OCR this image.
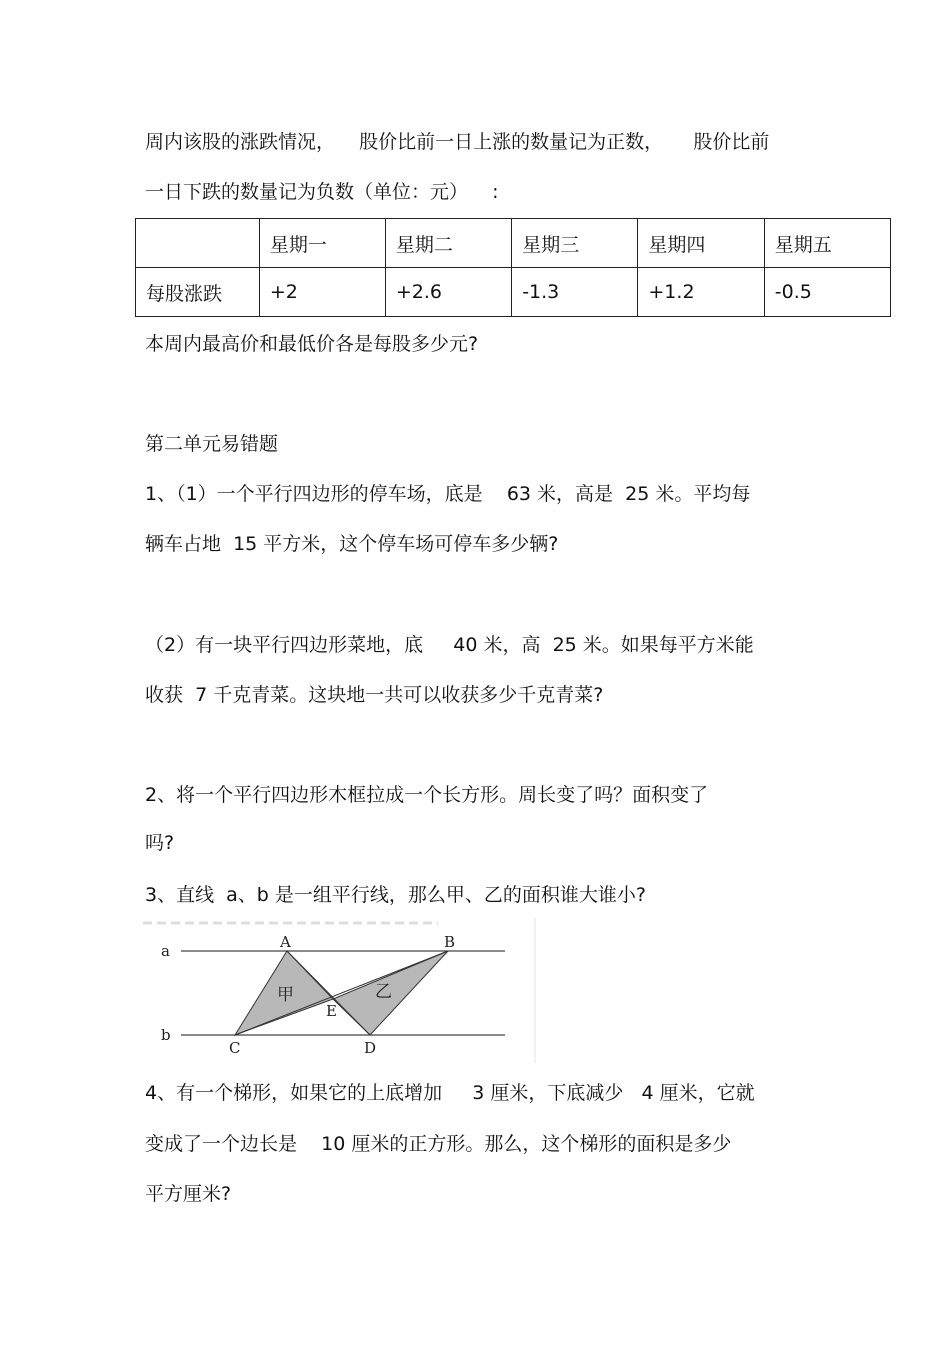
周内该股的涨跌情况，    股价比前一日上涨的数量记为正数，     股价比前
一日下跌的数量记为负数（单位：元）    :
	星期一	星期二	星期三	星期四	星期五
每股涨跌	+2	+2.6	-1.3	+1.2	-0.5
本周内最高价和最低价各是每股多少元?
第二单元易错题
1、（1）一个平行四边形的停车场，底是    63 米，高是  25 米。平均每
辆车占地  15 平方米，这个停车场可停车多少辆?
（2）有一块平行四边形菜地，底     40 米，高  25 米。如果每平方米能
收获  7 千克青菜。这块地一共可以收获多少千克青菜?
2、将一个平行四边形木框拉成一个长方形。周长变了吗？面积变了
吗?
3、直线  a、b 是一组平行线，那么甲、乙的面积谁大谁小?
a
b
A	B
C	D
E
甲	乙
4、有一个梯形，如果它的上底增加     3 厘米，下底减少   4 厘米，它就
变成了一个边长是    10 厘米的正方形。那么，这个梯形的面积是多少
平方厘米?
